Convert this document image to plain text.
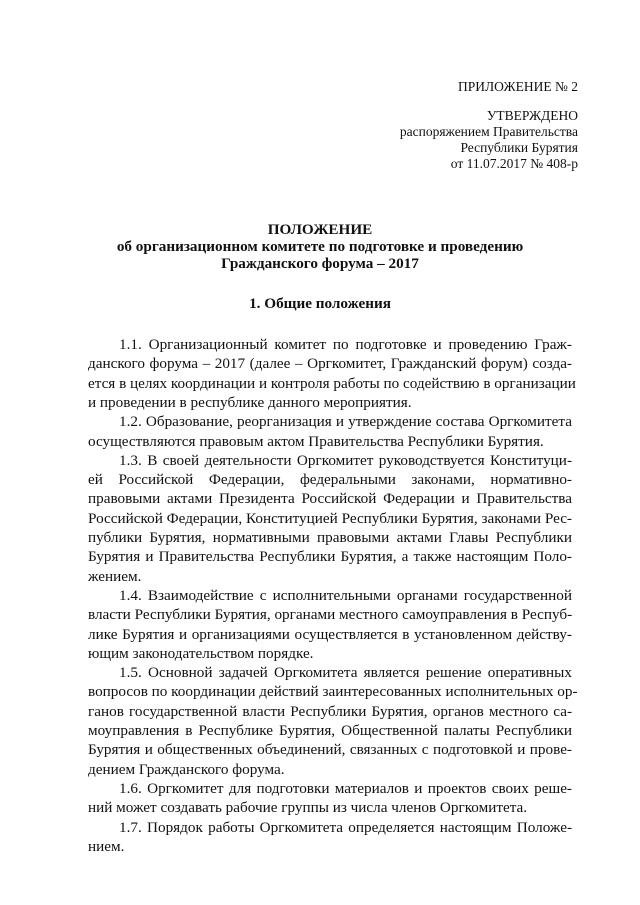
ПРИЛОЖЕНИЕ № 2
УТВЕРЖДЕНО
распоряжением Правительства
Республики Бурятия
от 11.07.2017 № 408-р
ПОЛОЖЕНИЕ
об организационном комитете по подготовке и проведению
Гражданского форума – 2017
1. Общие положения
1.1. Организационный комитет по подготовке и проведению Граж-
данского форума – 2017 (далее – Оргкомитет, Гражданский форум) созда-
ется в целях координации и контроля работы по содействию в организации
и проведении в республике данного мероприятия.
1.2. Образование, реорганизация и утверждение состава Оргкомитета
осуществляются правовым актом Правительства Республики Бурятия.
1.3. В своей деятельности Оргкомитет руководствуется Конституци-
ей Российской Федерации, федеральными законами, нормативно-
правовыми актами Президента Российской Федерации и Правительства
Российской Федерации, Конституцией Республики Бурятия, законами Рес-
публики Бурятия, нормативными правовыми актами Главы Республики
Бурятия и Правительства Республики Бурятия, а также настоящим Поло-
жением.
1.4. Взаимодействие с исполнительными органами государственной
власти Республики Бурятия, органами местного самоуправления в Респуб-
лике Бурятия и организациями осуществляется в установленном действу-
ющим законодательством порядке.
1.5. Основной задачей Оргкомитета является решение оперативных
вопросов по координации действий заинтересованных исполнительных ор-
ганов государственной власти Республики Бурятия, органов местного са-
моуправления в Республике Бурятия, Общественной палаты Республики
Бурятия и общественных объединений, связанных с подготовкой и прове-
дением Гражданского форума.
1.6. Оргкомитет для подготовки материалов и проектов своих реше-
ний может создавать рабочие группы из числа членов Оргкомитета.
1.7. Порядок работы Оргкомитета определяется настоящим Положе-
нием.
